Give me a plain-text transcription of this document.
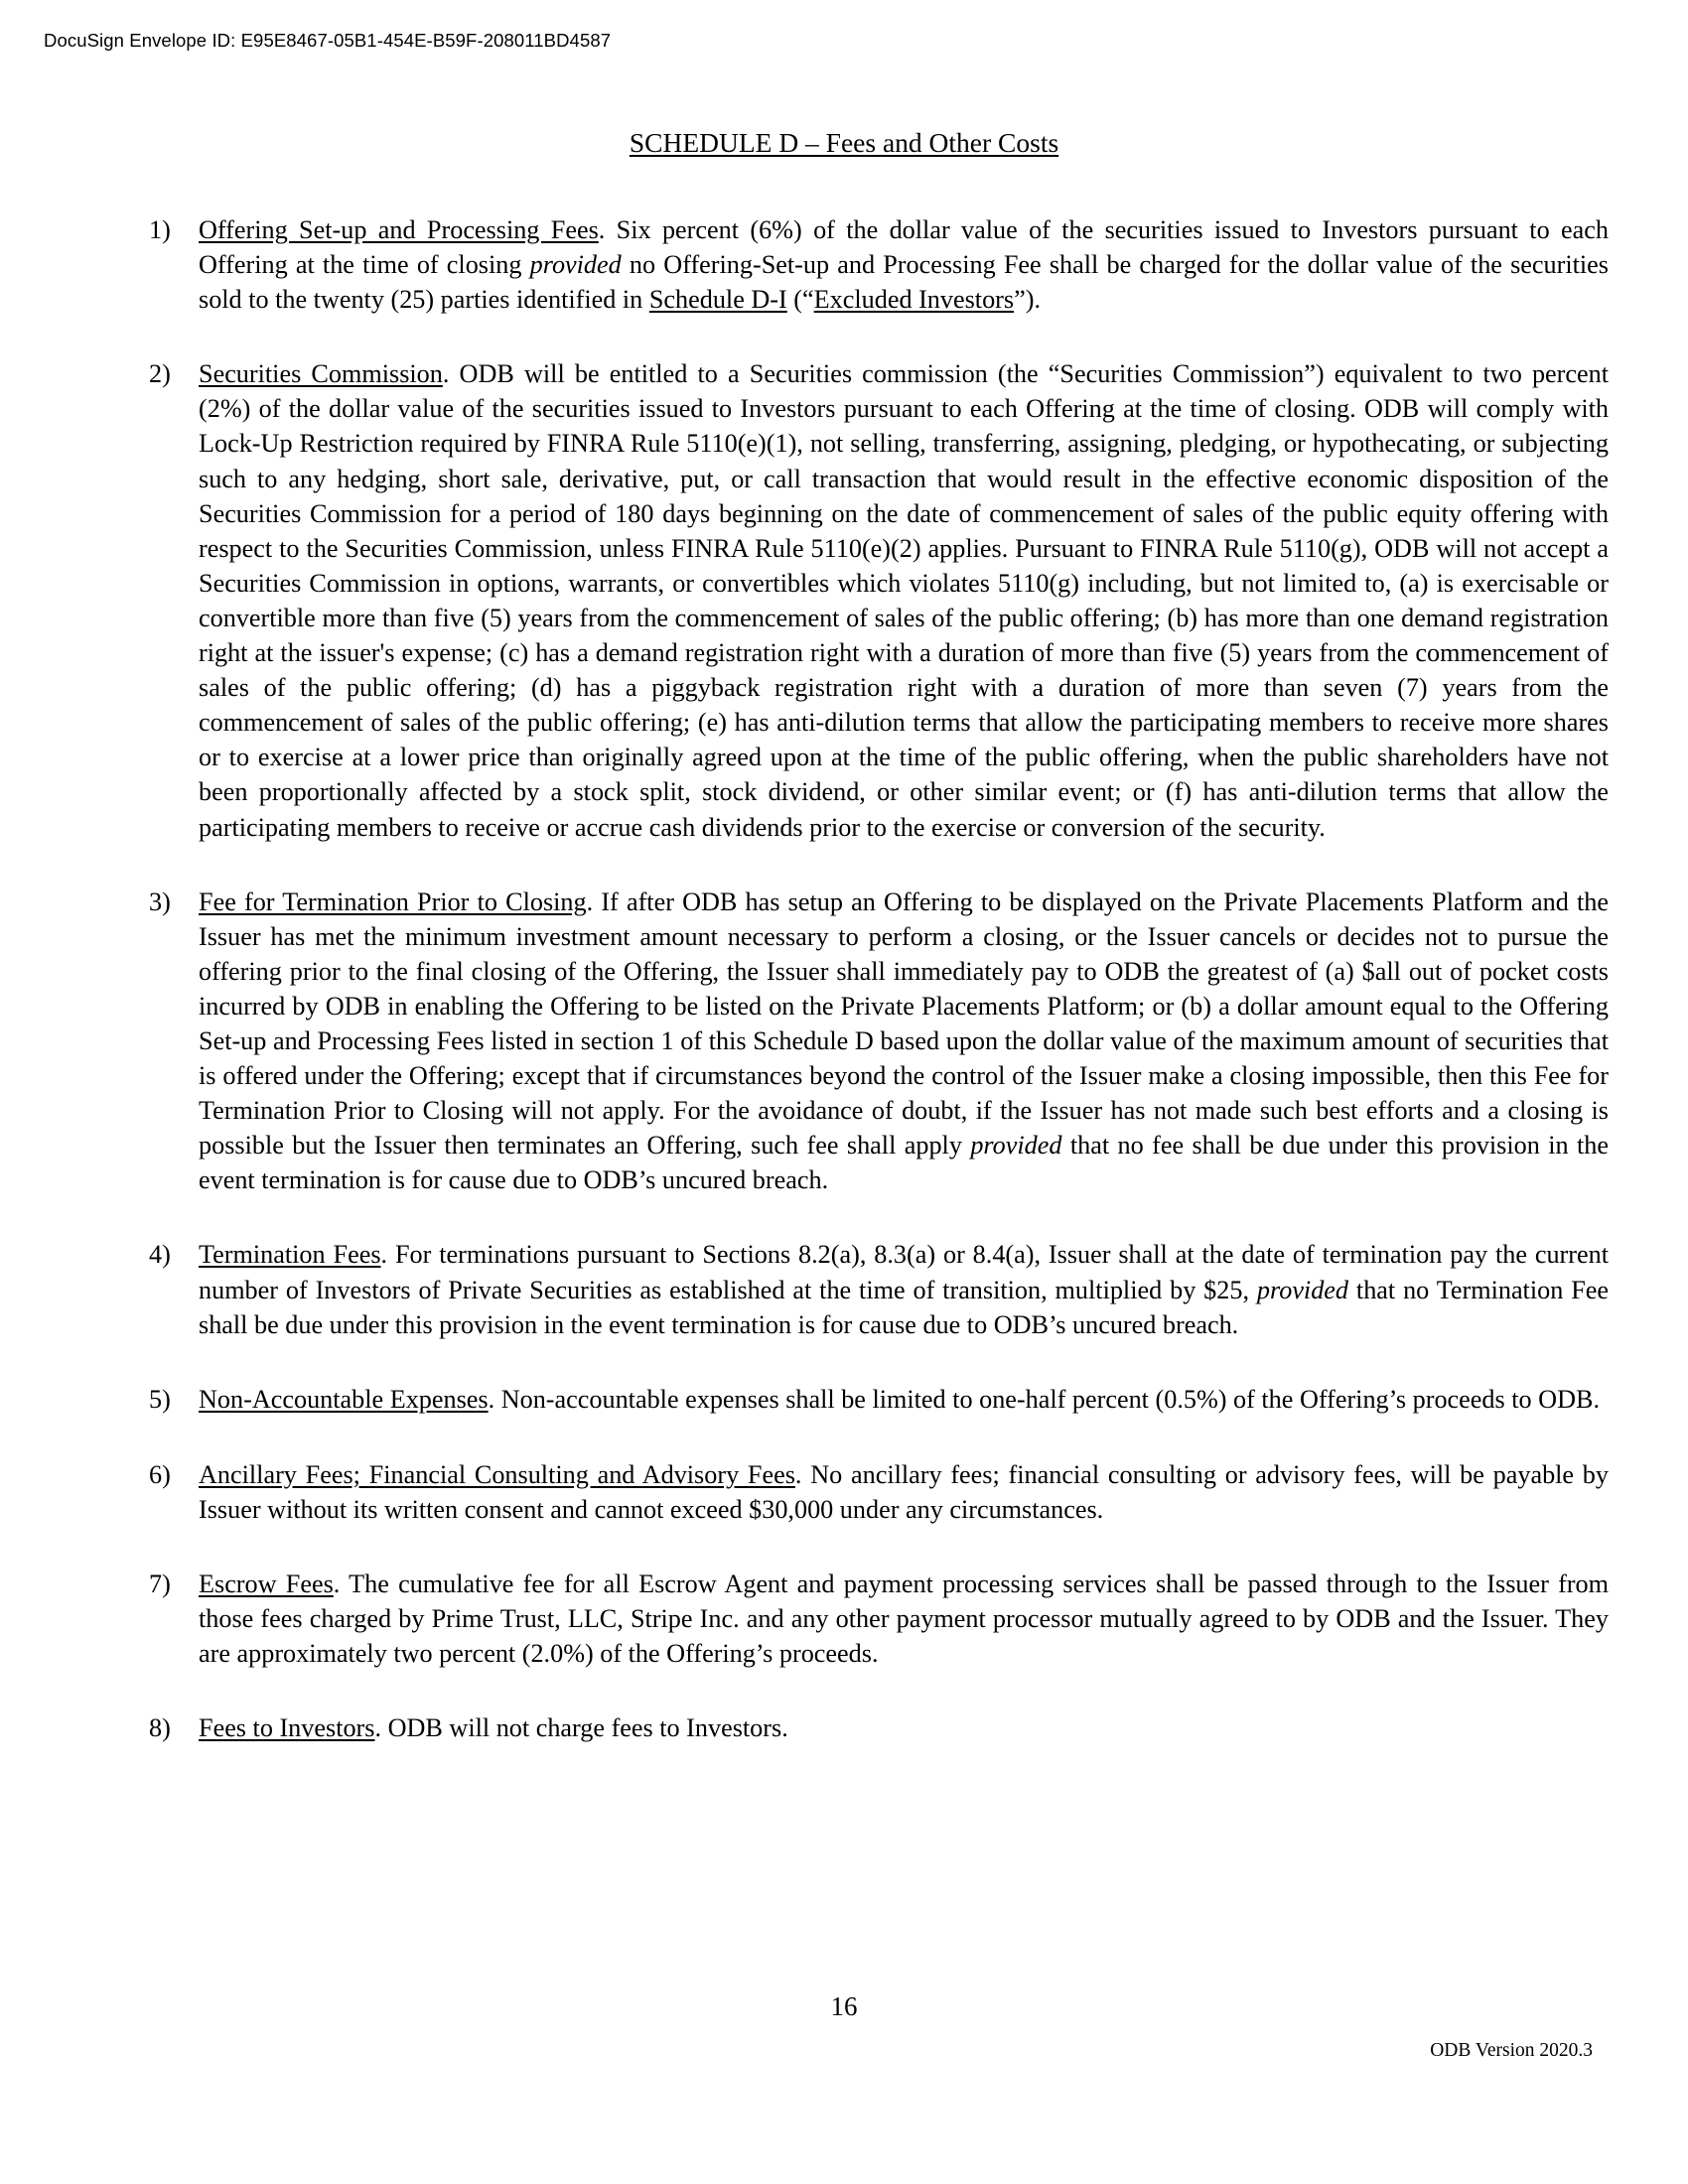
DocuSign Envelope ID: E95E8467-05B1-454E-B59F-208011BD4587
SCHEDULE D – Fees and Other Costs
1) Offering Set-up and Processing Fees. Six percent (6%) of the dollar value of the securities issued to Investors pursuant to each Offering at the time of closing provided no Offering-Set-up and Processing Fee shall be charged for the dollar value of the securities sold to the twenty (25) parties identified in Schedule D-I (“Excluded Investors”).
2) Securities Commission. ODB will be entitled to a Securities commission (the “Securities Commission”) equivalent to two percent (2%) of the dollar value of the securities issued to Investors pursuant to each Offering at the time of closing. ODB will comply with Lock-Up Restriction required by FINRA Rule 5110(e)(1), not selling, transferring, assigning, pledging, or hypothecating, or subjecting such to any hedging, short sale, derivative, put, or call transaction that would result in the effective economic disposition of the Securities Commission for a period of 180 days beginning on the date of commencement of sales of the public equity offering with respect to the Securities Commission, unless FINRA Rule 5110(e)(2) applies. Pursuant to FINRA Rule 5110(g), ODB will not accept a Securities Commission in options, warrants, or convertibles which violates 5110(g) including, but not limited to, (a) is exercisable or convertible more than five (5) years from the commencement of sales of the public offering; (b) has more than one demand registration right at the issuer's expense; (c) has a demand registration right with a duration of more than five (5) years from the commencement of sales of the public offering; (d) has a piggyback registration right with a duration of more than seven (7) years from the commencement of sales of the public offering; (e) has anti-dilution terms that allow the participating members to receive more shares or to exercise at a lower price than originally agreed upon at the time of the public offering, when the public shareholders have not been proportionally affected by a stock split, stock dividend, or other similar event; or (f) has anti-dilution terms that allow the participating members to receive or accrue cash dividends prior to the exercise or conversion of the security.
3) Fee for Termination Prior to Closing. If after ODB has setup an Offering to be displayed on the Private Placements Platform and the Issuer has met the minimum investment amount necessary to perform a closing, or the Issuer cancels or decides not to pursue the offering prior to the final closing of the Offering, the Issuer shall immediately pay to ODB the greatest of (a) $all out of pocket costs incurred by ODB in enabling the Offering to be listed on the Private Placements Platform; or (b) a dollar amount equal to the Offering Set-up and Processing Fees listed in section 1 of this Schedule D based upon the dollar value of the maximum amount of securities that is offered under the Offering; except that if circumstances beyond the control of the Issuer make a closing impossible, then this Fee for Termination Prior to Closing will not apply. For the avoidance of doubt, if the Issuer has not made such best efforts and a closing is possible but the Issuer then terminates an Offering, such fee shall apply provided that no fee shall be due under this provision in the event termination is for cause due to ODB’s uncured breach.
4) Termination Fees. For terminations pursuant to Sections 8.2(a), 8.3(a) or 8.4(a), Issuer shall at the date of termination pay the current number of Investors of Private Securities as established at the time of transition, multiplied by $25, provided that no Termination Fee shall be due under this provision in the event termination is for cause due to ODB’s uncured breach.
5) Non-Accountable Expenses. Non-accountable expenses shall be limited to one-half percent (0.5%) of the Offering’s proceeds to ODB.
6) Ancillary Fees; Financial Consulting and Advisory Fees. No ancillary fees; financial consulting or advisory fees, will be payable by Issuer without its written consent and cannot exceed $30,000 under any circumstances.
7) Escrow Fees. The cumulative fee for all Escrow Agent and payment processing services shall be passed through to the Issuer from those fees charged by Prime Trust, LLC, Stripe Inc. and any other payment processor mutually agreed to by ODB and the Issuer. They are approximately two percent (2.0%) of the Offering’s proceeds.
8) Fees to Investors. ODB will not charge fees to Investors.
16
ODB Version 2020.3
